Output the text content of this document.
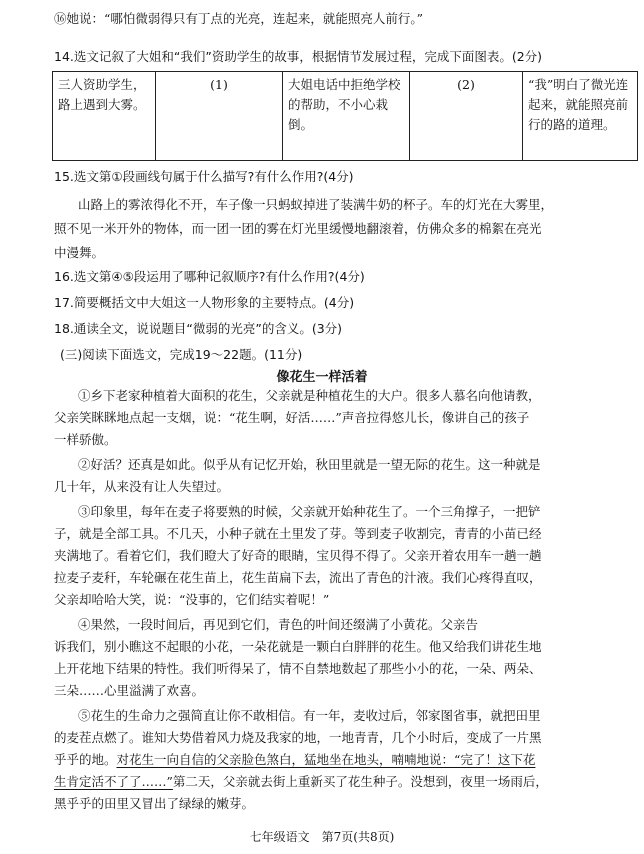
⑯她说：“哪怕微弱得只有丁点的光亮，连起来，就能照亮人前行。”
14.选文记叙了大姐和“我们”资助学生的故事，根据情节发展过程，完成下面图表。(2分)
三人资助学生，路上遇到大雾。	(1)	大姐电话中拒绝学校的帮助，不小心栽倒。	(2)	“我”明白了微光连起来，就能照亮前行的路的道理。
15.选文第①段画线句属于什么描写?有什么作用?(4分)
山路上的雾浓得化不开，车子像一只蚂蚁掉进了装满牛奶的杯子。车的灯光在大雾里，
照不见一米开外的物体，而一团一团的雾在灯光里缓慢地翻滚着，仿佛众多的棉絮在亮光
中漫舞。
16.选文第④⑤段运用了哪种记叙顺序?有什么作用?(4分)
17.简要概括文中大姐这一人物形象的主要特点。(4分)
18.通读全文，说说题目“微弱的光亮”的含义。(3分)
(三)阅读下面选文，完成19～22题。(11分)
像花生一样活着
①乡下老家种植着大面积的花生，父亲就是种植花生的大户。很多人慕名向他请教，
父亲笑眯眯地点起一支烟，说：“花生啊，好活……”声音拉得悠儿长，像讲自己的孩子
一样骄傲。
②好活？还真是如此。似乎从有记忆开始，秋田里就是一望无际的花生。这一种就是
几十年，从来没有让人失望过。
③印象里，每年在麦子将要熟的时候，父亲就开始种花生了。一个三角撑子，一把铲
子，就是全部工具。不几天，小种子就在土里发了芽。等到麦子收割完，青青的小苗已经
夹满地了。看着它们，我们瞪大了好奇的眼睛，宝贝得不得了。父亲开着农用车一趟一趟
拉麦子麦秆，车轮碾在花生苗上，花生苗扁下去，流出了青色的汁液。我们心疼得直叹，
父亲却哈哈大笑，说：“没事的，它们结实着呢！”
④果然，一段时间后，再见到它们，青色的叶间还缀满了小黄花。父亲告
诉我们，别小瞧这不起眼的小花，一朵花就是一颗白白胖胖的花生。他又给我们讲花生地
上开花地下结果的特性。我们听得呆了，情不自禁地数起了那些小小的花，一朵、两朵、
三朵……心里溢满了欢喜。
⑤花生的生命力之强简直让你不敢相信。有一年，麦收过后，邻家图省事，就把田里
的麦茬点燃了。谁知大势借着风力烧及我家的地，一地青青，几个小时后，变成了一片黑
乎乎的地。对花生一向自信的父亲脸色煞白，猛地坐在地头，喃喃地说：“完了！这下花
生肯定活不了了……”第二天，父亲就去街上重新买了花生种子。没想到，夜里一场雨后，
黑乎乎的田里又冒出了绿绿的嫩芽。
七年级语文　第7页(共8页)
